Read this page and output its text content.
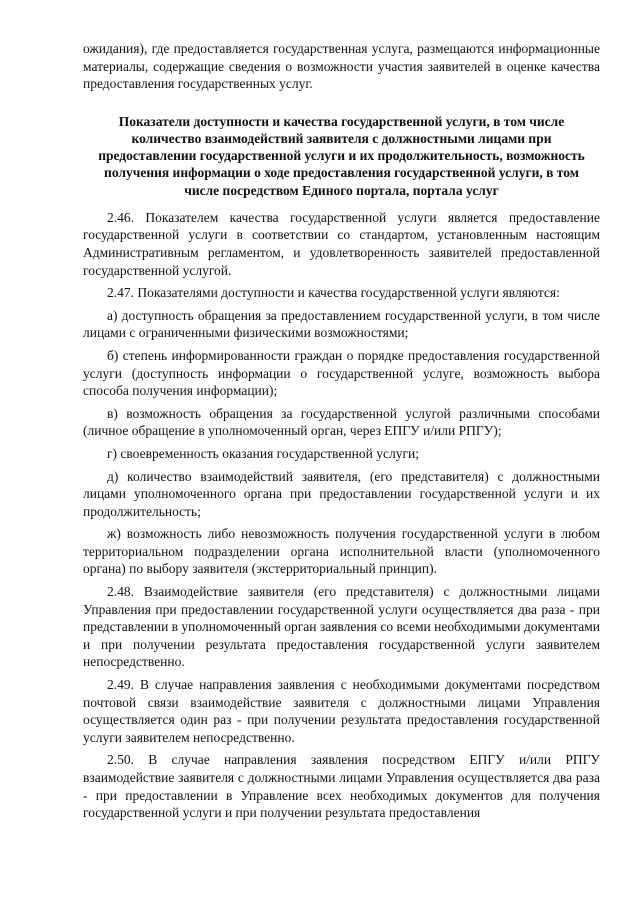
ожидания), где предоставляется государственная услуга, размещаются информационные материалы, содержащие сведения о возможности участия заявителей в оценке качества предоставления государственных услуг.

Показатели доступности и качества государственной услуги, в том числе количество взаимодействий заявителя с должностными лицами при предоставлении государственной услуги и их продолжительность, возможность получения информации о ходе предоставления государственной услуги, в том числе посредством Единого портала, портала услуг

2.46. Показателем качества государственной услуги является предоставление государственной услуги в соответствии со стандартом, установленным настоящим Административным регламентом, и удовлетворенность заявителей предоставленной государственной услугой.

2.47. Показателями доступности и качества государственной услуги являются:

а) доступность обращения за предоставлением государственной услуги, в том числе лицами с ограниченными физическими возможностями;

б) степень информированности граждан о порядке предоставления государственной услуги (доступность информации о государственной услуге, возможность выбора способа получения информации);

в) возможность обращения за государственной услугой различными способами (личное обращение в уполномоченный орган, через ЕПГУ и/или РПГУ);

г) своевременность оказания государственной услуги;

д) количество взаимодействий заявителя, (его представителя) с должностными лицами уполномоченного органа при предоставлении государственной услуги и их продолжительность;

ж) возможность либо невозможность получения государственной услуги в любом территориальном подразделении органа исполнительной власти (уполномоченного органа) по выбору заявителя (экстерриториальный принцип).

2.48. Взаимодействие заявителя (его представителя) с должностными лицами Управления при предоставлении государственной услуги осуществляется два раза - при представлении в уполномоченный орган заявления со всеми необходимыми документами и при получении результата предоставления государственной услуги заявителем непосредственно.

2.49. В случае направления заявления с необходимыми документами посредством почтовой связи взаимодействие заявителя с должностными лицами Управления осуществляется один раз - при получении результата предоставления государственной услуги заявителем непосредственно.

2.50. В случае направления заявления посредством ЕПГУ и/или РПГУ взаимодействие заявителя с должностными лицами Управления осуществляется два раза - при предоставлении в Управление всех необходимых документов для получения государственной услуги и при получении результата предоставления
